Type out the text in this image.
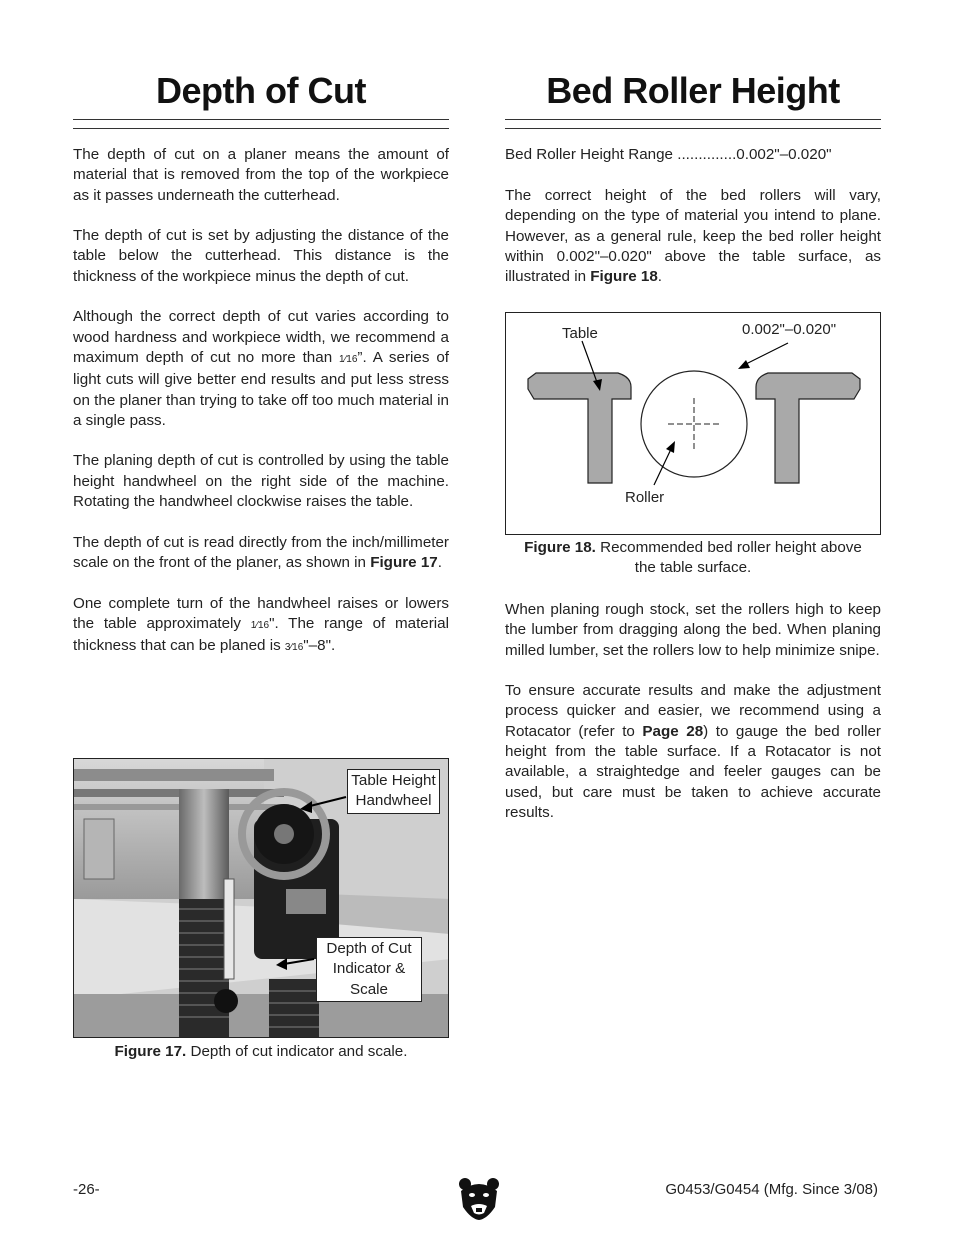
Depth of Cut

The depth of cut on a planer means the amount of material that is removed from the top of the workpiece as it passes underneath the cutterhead.

The depth of cut is set by adjusting the distance of the table below the cutterhead. This distance is the thickness of the workpiece minus the depth of cut.

Although the correct depth of cut varies according to wood hardness and workpiece width, we recommend a maximum depth of cut no more than 1⁄16”. A series of light cuts will give better end results and put less stress on the planer than trying to take off too much material in a single pass.

The planing depth of cut is controlled by using the table height handwheel on the right side of the machine. Rotating the handwheel clockwise raises the table.

The depth of cut is read directly from the inch/millimeter scale on the front of the planer, as shown in Figure 17.

One complete turn of the handwheel raises or lowers the table approximately 1⁄16". The range of material thickness that can be planed is 3⁄16"–8".

Table Height Handwheel
Depth of Cut Indicator & Scale
Figure 17. Depth of cut indicator and scale.
Bed Roller Height

Bed Roller Height Range ..............0.002"–0.020"

The correct height of the bed rollers will vary, depending on the type of material you intend to plane. However, as a general rule, keep the bed roller height within 0.002"–0.020" above the table surface, as illustrated in Figure 18.

Table	0.002"–0.020"
Roller
Figure 18. Recommended bed roller height above the table surface.

When planing rough stock, set the rollers high to keep the lumber from dragging along the bed. When planing milled lumber, set the rollers low to help minimize snipe.

To ensure accurate results and make the adjustment process quicker and easier, we recommend using a Rotacator (refer to Page 28) to gauge the bed roller height from the table surface. If a Rotacator is not available, a straightedge and feeler gauges can be used, but care must be taken to achieve accurate results.

-26-	G0453/G0454 (Mfg. Since 3/08)
